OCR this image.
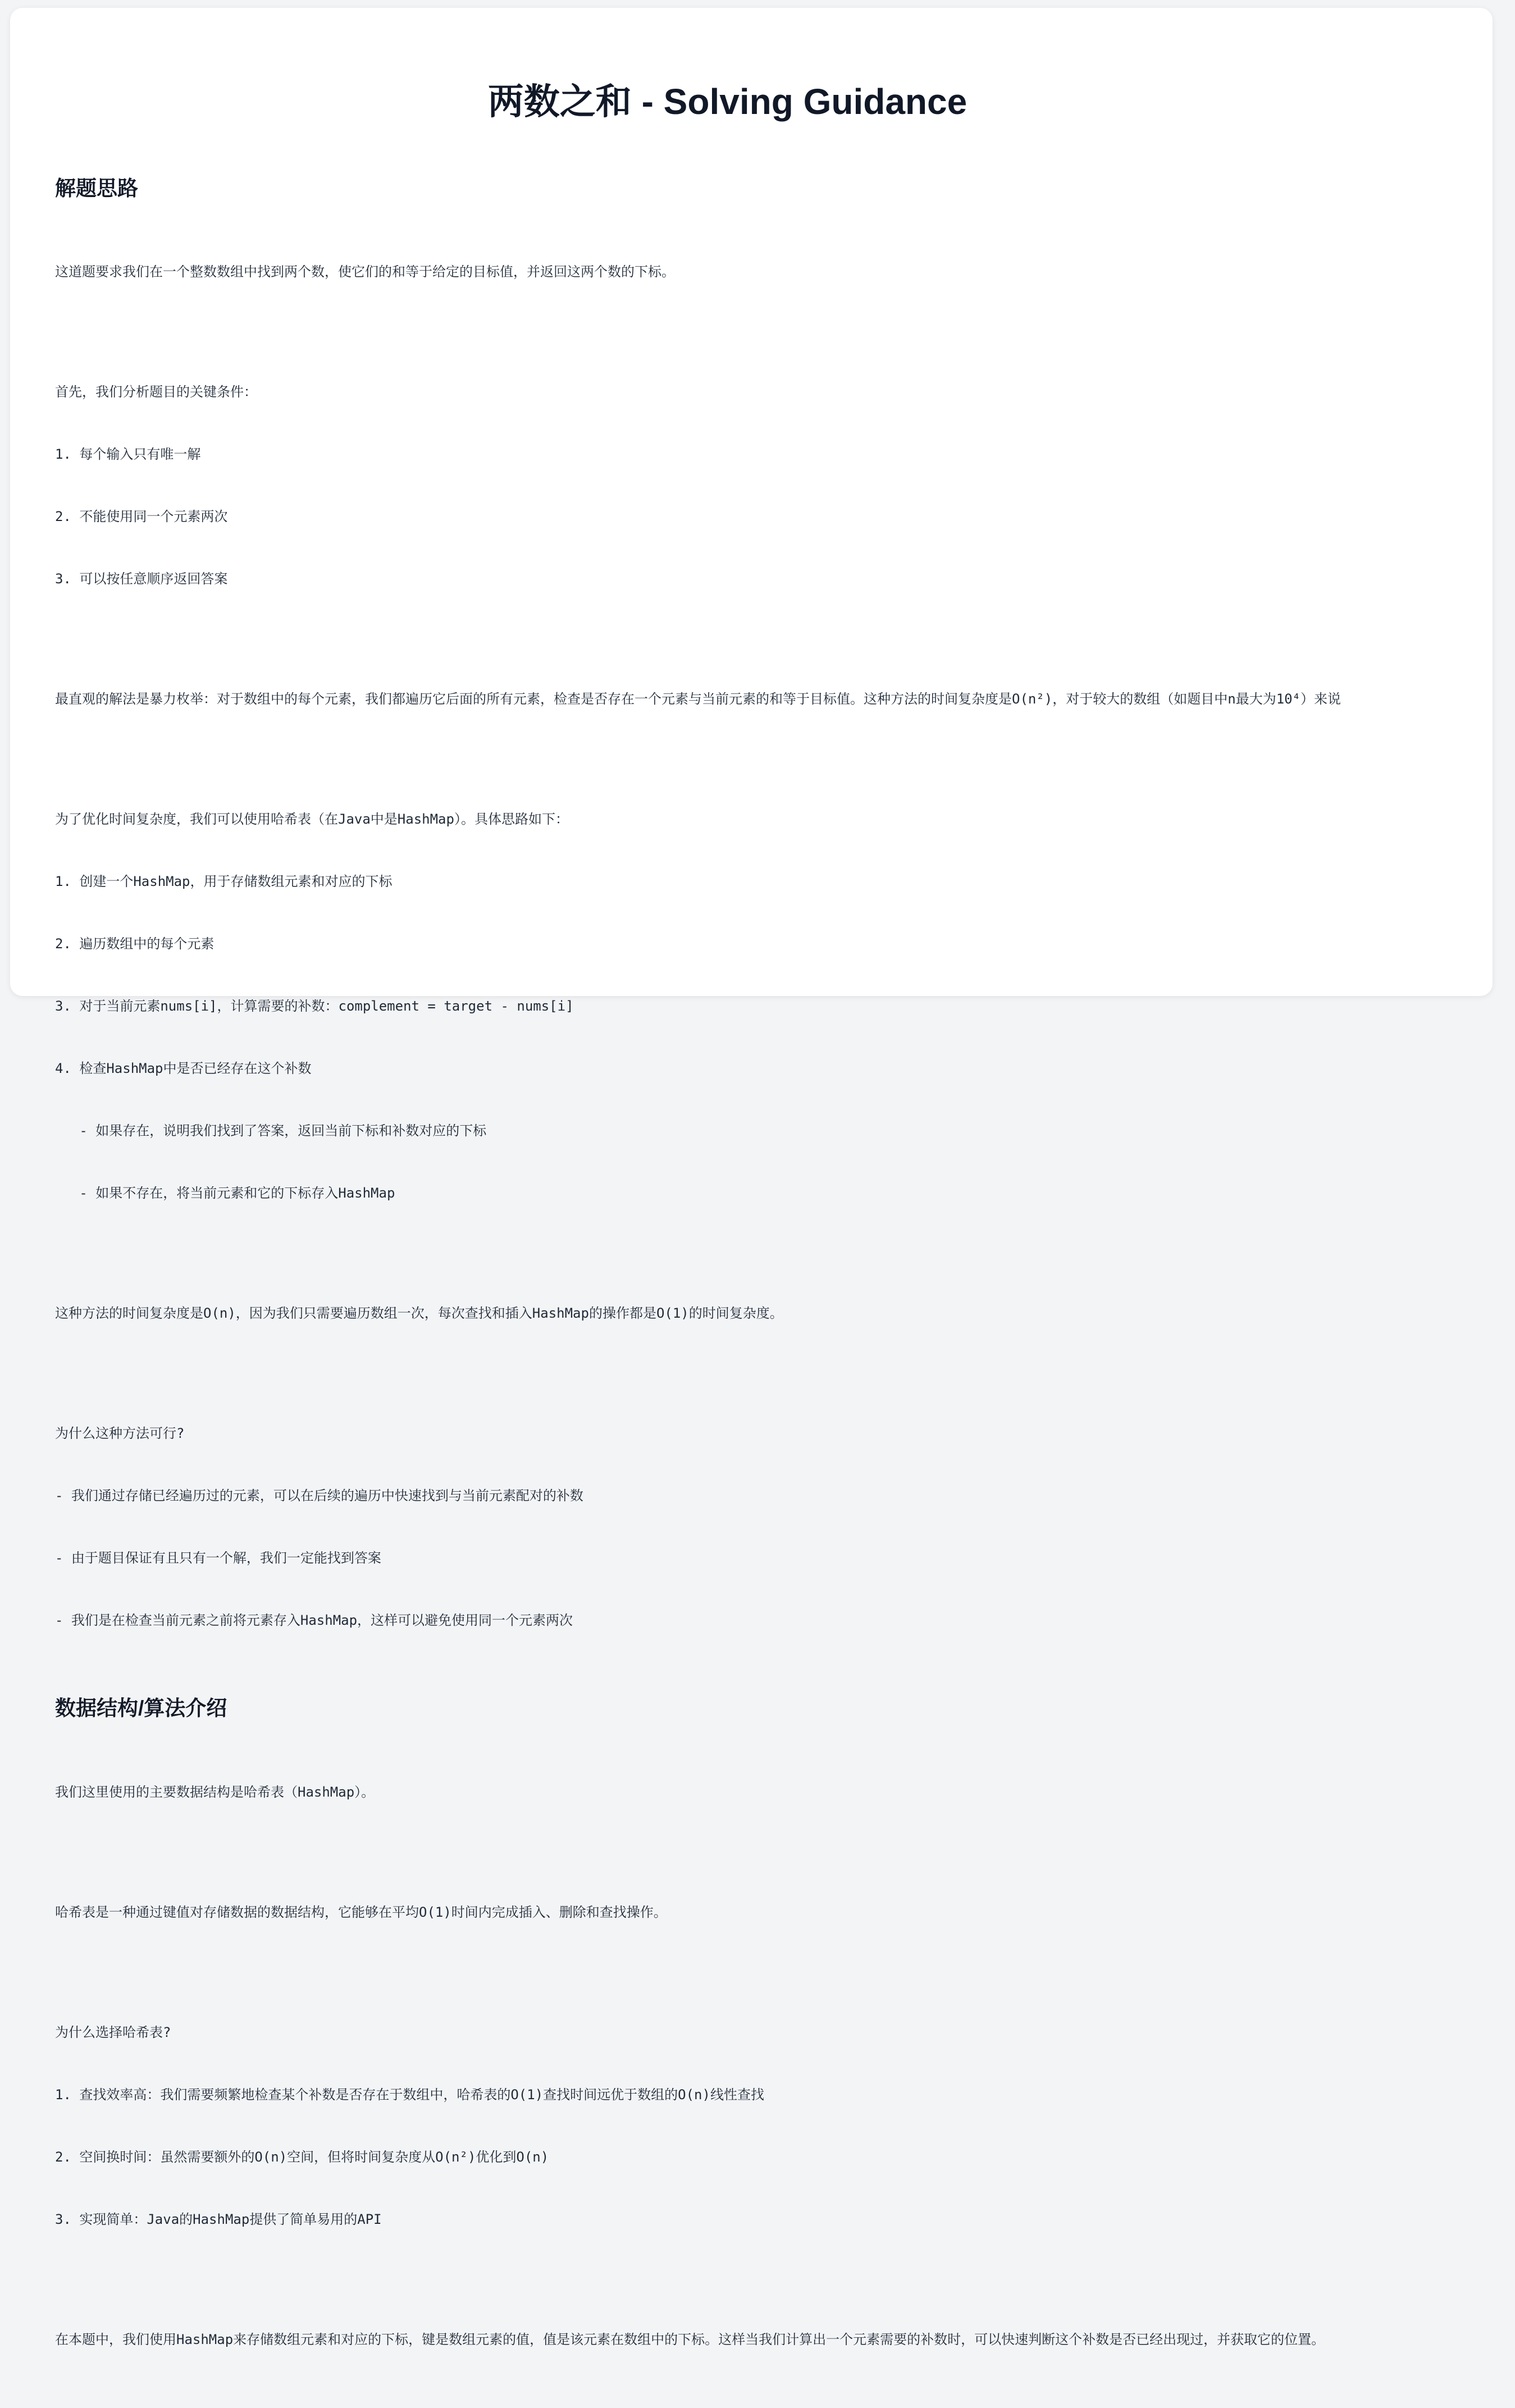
两数之和 - Solving Guidance
解题思路

这道题要求我们在一个整数数组中找到两个数，使它们的和等于给定的目标值，并返回这两个数的下标。

首先，我们分析题目的关键条件：

1. 每个输入只有唯一解

2. 不能使用同一个元素两次

3. 可以按任意顺序返回答案

最直观的解法是暴力枚举：对于数组中的每个元素，我们都遍历它后面的所有元素，检查是否存在一个元素与当前元素的和等于目标值。这种方法的时间复杂度是O(n²)，对于较大的数组（如题目中n最大为10⁴）来说

为了优化时间复杂度，我们可以使用哈希表（在Java中是HashMap）。具体思路如下：

1. 创建一个HashMap，用于存储数组元素和对应的下标

2. 遍历数组中的每个元素

3. 对于当前元素nums[i]，计算需要的补数：complement = target - nums[i]

4. 检查HashMap中是否已经存在这个补数

- 如果存在，说明我们找到了答案，返回当前下标和补数对应的下标

- 如果不存在，将当前元素和它的下标存入HashMap

这种方法的时间复杂度是O(n)，因为我们只需要遍历数组一次，每次查找和插入HashMap的操作都是O(1)的时间复杂度。

为什么这种方法可行?

- 我们通过存储已经遍历过的元素，可以在后续的遍历中快速找到与当前元素配对的补数

- 由于题目保证有且只有一个解，我们一定能找到答案

- 我们是在检查当前元素之前将元素存入HashMap，这样可以避免使用同一个元素两次

数据结构/算法介绍

我们这里使用的主要数据结构是哈希表（HashMap）。

哈希表是一种通过键值对存储数据的数据结构，它能够在平均O(1)时间内完成插入、删除和查找操作。

为什么选择哈希表?

1. 查找效率高：我们需要频繁地检查某个补数是否存在于数组中，哈希表的O(1)查找时间远优于数组的O(n)线性查找

2. 空间换时间：虽然需要额外的O(n)空间，但将时间复杂度从O(n²)优化到O(n)

3. 实现简单：Java的HashMap提供了简单易用的API

在本题中，我们使用HashMap来存储数组元素和对应的下标，键是数组元素的值，值是该元素在数组中的下标。这样当我们计算出一个元素需要的补数时，可以快速判断这个补数是否已经出现过，并获取它的位置。
